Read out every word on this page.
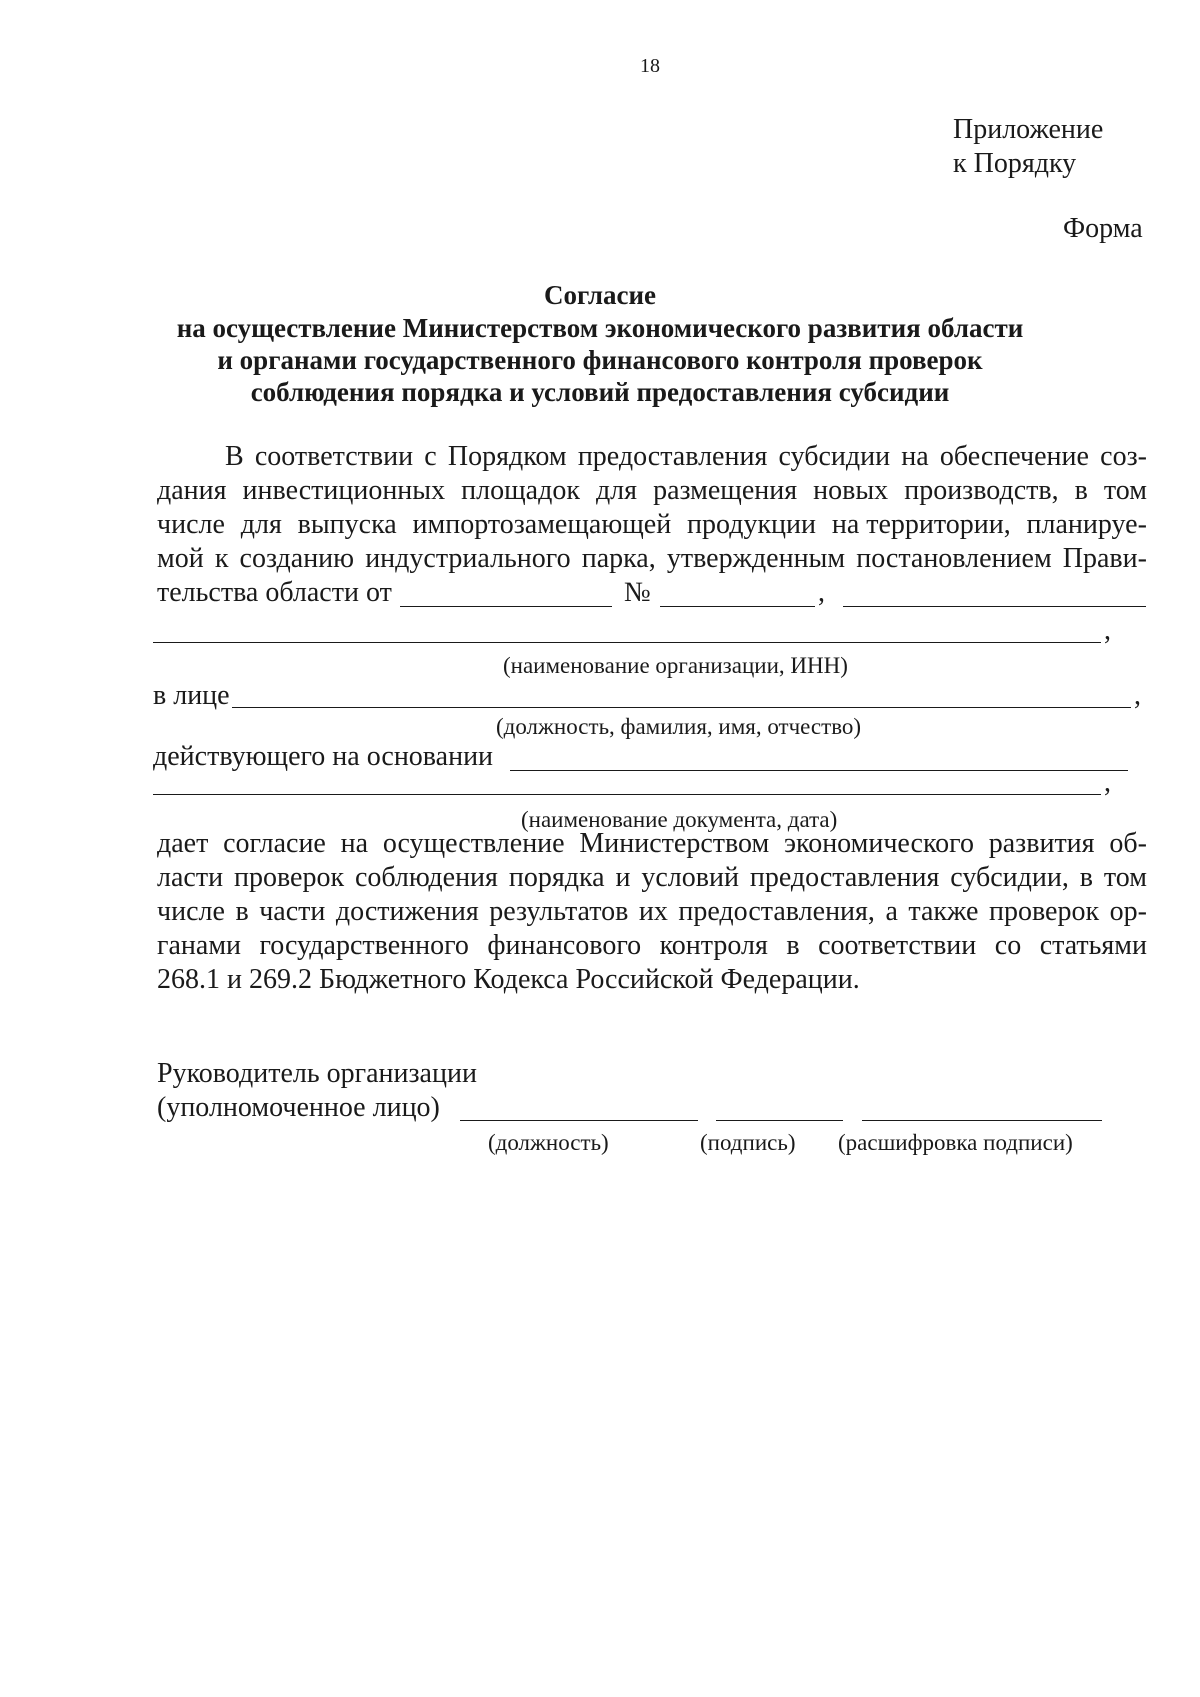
18
Приложение
к Порядку
Форма
Согласие
на осуществление Министерством экономического развития области
и органами государственного финансового контроля проверок
соблюдения порядка и условий предоставления субсидии
В соответствии с Порядком предоставления субсидии на обеспечение соз-
дания инвестиционных площадок для размещения новых производств, в том
числе для выпуска импортозамещающей продукции на территории, планируе-
мой к созданию индустриального парка, утвержденным постановлением Прави-
тельства области от	№	,
,
(наименование организации, ИНН)
в лице	,
(должность, фамилия, имя, отчество)
действующего на основании
,
(наименование документа, дата)
дает согласие на осуществление Министерством экономического развития об-
ласти проверок соблюдения порядка и условий предоставления субсидии, в том
числе в части достижения результатов их предоставления, а также проверок ор-
ганами государственного финансового контроля в соответствии со статьями
268.1 и 269.2 Бюджетного Кодекса Российской Федерации.
Руководитель организации
(уполномоченное лицо)
(должность)	(подпись) (расшифровка подписи)
